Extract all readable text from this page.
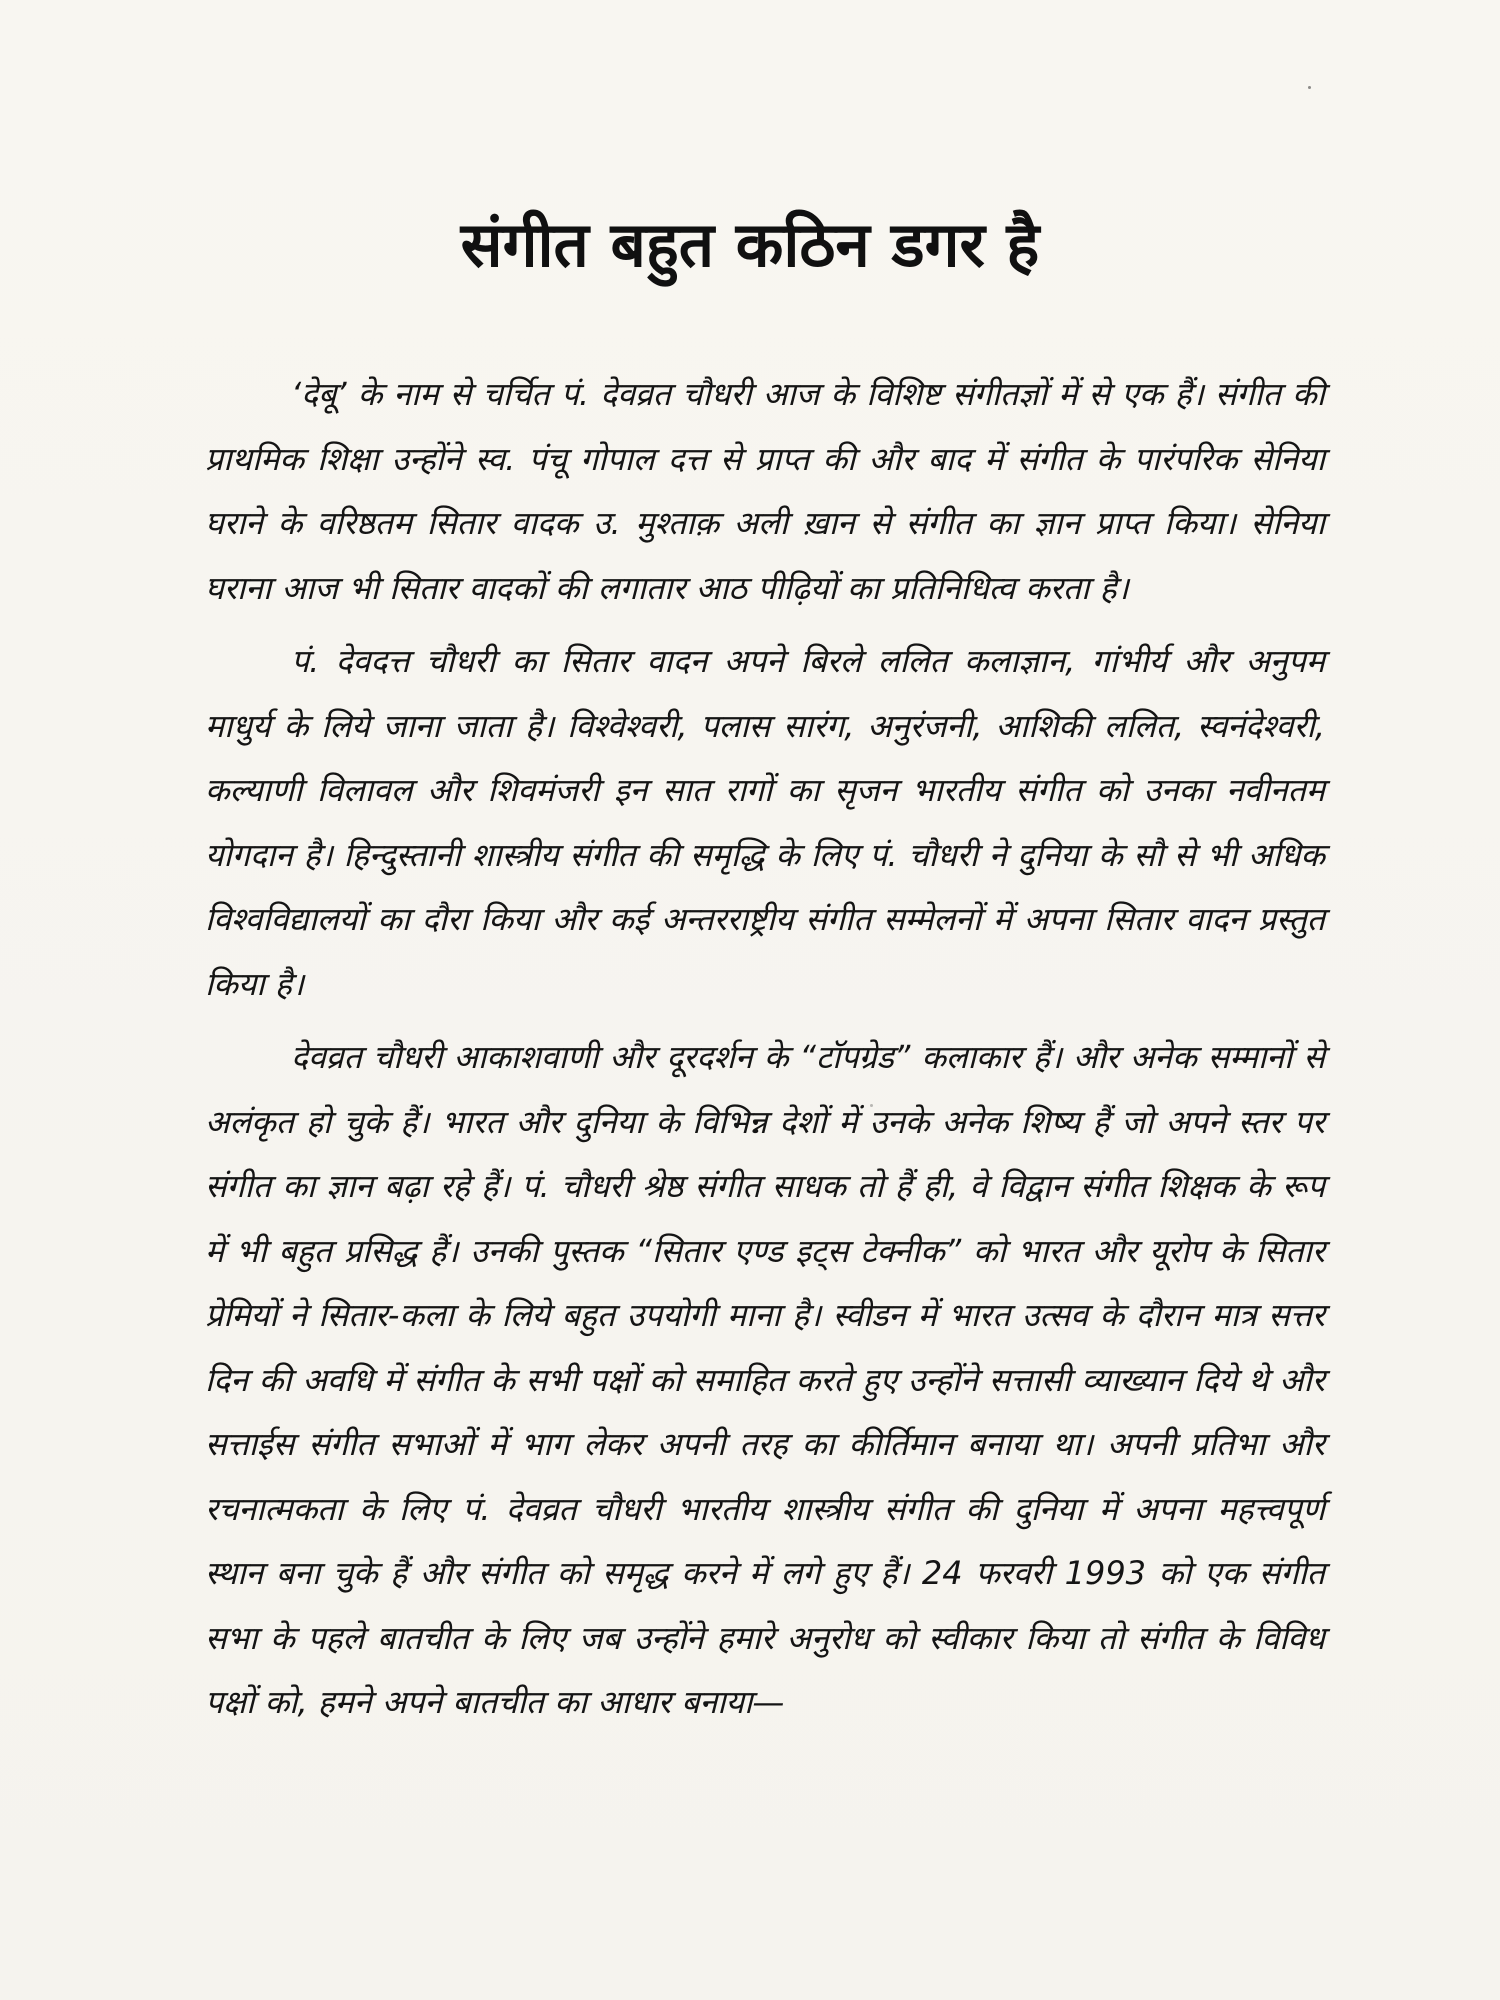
संगीत बहुत कठिन डगर है

‘देबू’ के नाम से चर्चित पं. देवव्रत चौधरी आज के विशिष्ट संगीतज्ञों में से एक हैं। संगीत की प्राथमिक शिक्षा उन्होंने स्व. पंचू गोपाल दत्त से प्राप्त की और बाद में संगीत के पारंपरिक सेनिया घराने के वरिष्ठतम सितार वादक उ. मुश्ताक़ अली ख़ान से संगीत का ज्ञान प्राप्त किया। सेनिया घराना आज भी सितार वादकों की लगातार आठ पीढ़ियों का प्रतिनिधित्व करता है।

पं. देवदत्त चौधरी का सितार वादन अपने बिरले ललित कलाज्ञान, गांभीर्य और अनुपम माधुर्य के लिये जाना जाता है। विश्वेश्वरी, पलास सारंग, अनुरंजनी, आशिकी ललित, स्वनंदेश्वरी, कल्याणी विलावल और शिवमंजरी इन सात रागों का सृजन भारतीय संगीत को उनका नवीनतम योगदान है। हिन्दुस्तानी शास्त्रीय संगीत की समृद्धि के लिए पं. चौधरी ने दुनिया के सौ से भी अधिक विश्वविद्यालयों का दौरा किया और कई अन्तरराष्ट्रीय संगीत सम्मेलनों में अपना सितार वादन प्रस्तुत किया है।

देवव्रत चौधरी आकाशवाणी और दूरदर्शन के “टॉपग्रेड” कलाकार हैं। और अनेक सम्मानों से अलंकृत हो चुके हैं। भारत और दुनिया के विभिन्न देशों में उनके अनेक शिष्य हैं जो अपने स्तर पर संगीत का ज्ञान बढ़ा रहे हैं। पं. चौधरी श्रेष्ठ संगीत साधक तो हैं ही, वे विद्वान संगीत शिक्षक के रूप में भी बहुत प्रसिद्ध हैं। उनकी पुस्तक “सितार एण्ड इट्स टेक्नीक” को भारत और यूरोप के सितार प्रेमियों ने सितार-कला के लिये बहुत उपयोगी माना है। स्वीडन में भारत उत्सव के दौरान मात्र सत्तर दिन की अवधि में संगीत के सभी पक्षों को समाहित करते हुए उन्होंने सत्तासी व्याख्यान दिये थे और सत्ताईस संगीत सभाओं में भाग लेकर अपनी तरह का कीर्तिमान बनाया था। अपनी प्रतिभा और रचनात्मकता के लिए पं. देवव्रत चौधरी भारतीय शास्त्रीय संगीत की दुनिया में अपना महत्त्वपूर्ण स्थान बना चुके हैं और संगीत को समृद्ध करने में लगे हुए हैं। 24 फरवरी 1993 को एक संगीत सभा के पहले बातचीत के लिए जब उन्होंने हमारे अनुरोध को स्वीकार किया तो संगीत के विविध पक्षों को, हमने अपने बातचीत का आधार बनाया—
